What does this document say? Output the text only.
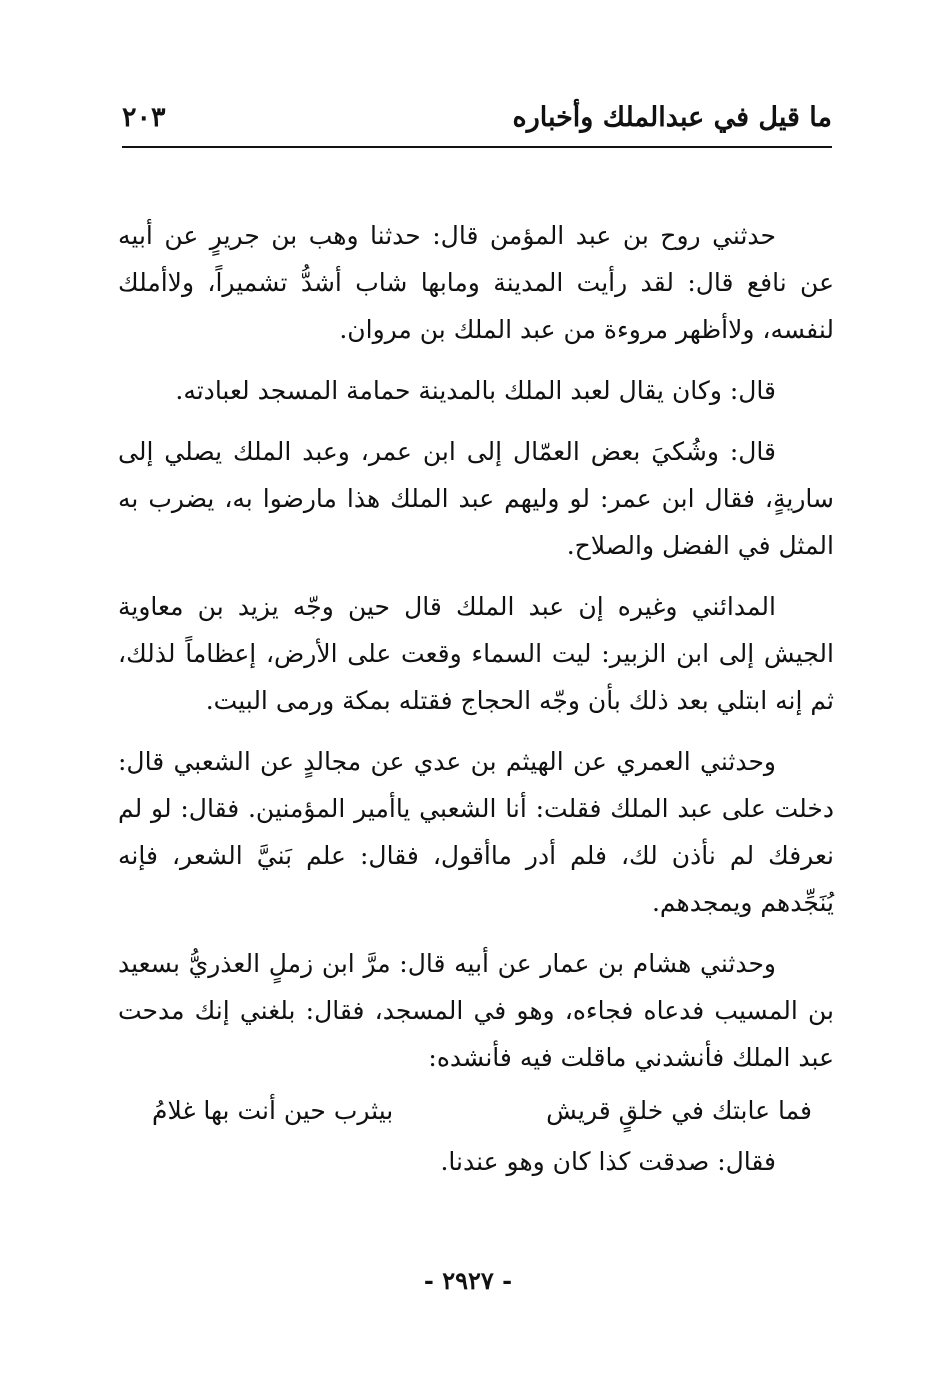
ما قيل في عبدالملك وأخباره
٢٠٣

حدثني روح بن عبد المؤمن قال: حدثنا وهب بن جريرٍ عن أبيه عن نافع قال: لقد رأيت المدينة ومابها شاب أشدُّ تشميراً، ولاأملك لنفسه، ولاأظهر مروءة من عبد الملك بن مروان.

قال: وكان يقال لعبد الملك بالمدينة حمامة المسجد لعبادته.

قال: وشُكيَ بعض العمّال إلى ابن عمر، وعبد الملك يصلي إلى ساريةٍ، فقال ابن عمر: لو وليهم عبد الملك هذا مارضوا به، يضرب به المثل في الفضل والصلاح.

المدائني وغيره إن عبد الملك قال حين وجّه يزيد بن معاوية الجيش إلى ابن الزبير: ليت السماء وقعت على الأرض، إعظاماً لذلك، ثم إنه ابتلي بعد ذلك بأن وجّه الحجاج فقتله بمكة ورمى البيت.

وحدثني العمري عن الهيثم بن عدي عن مجالدٍ عن الشعبي قال: دخلت على عبد الملك فقلت: أنا الشعبي ياأمير المؤمنين. فقال: لو لم نعرفك لم نأذن لك، فلم أدر ماأقول، فقال: علم بَنيَّ الشعر، فإنه يُنَجِّدهم ويمجدهم.

وحدثني هشام بن عمار عن أبيه قال: مرَّ ابن زملٍ العذريُّ بسعيد بن المسيب فدعاه فجاءه، وهو في المسجد، فقال: بلغني إنك مدحت عبد الملك فأنشدني ماقلت فيه فأنشده:

فما عابتك في خلقٍ قريش
بيثرب حين أنت بها غلامُ

فقال: صدقت كذا كان وهو عندنا.

- ٢٩٢٧ -
